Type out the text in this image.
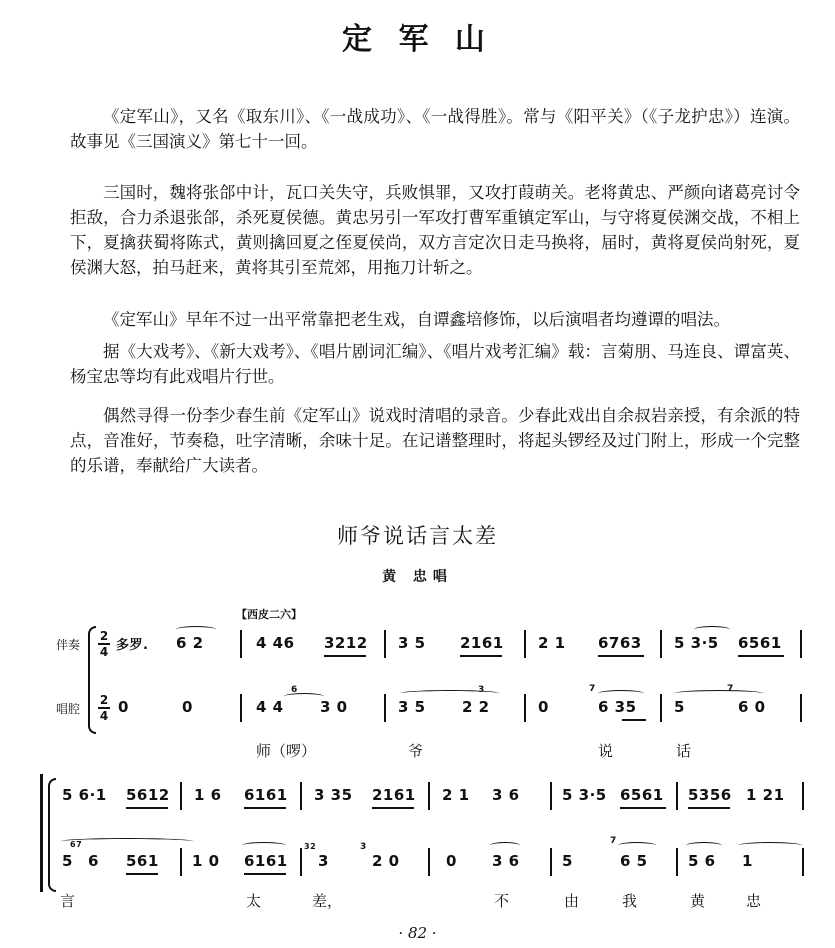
定 军 山

《定军山》，又名《取东川》、《一战成功》、《一战得胜》。常与《阳平关》（《子龙护忠》）连演。故事见《三国演义》第七十一回。

三国时，魏将张郃中计，瓦口关失守，兵败惧罪，又攻打葭萌关。老将黄忠、严颜向诸葛亮讨令拒敌，合力杀退张郃，杀死夏侯德。黄忠另引一军攻打曹军重镇定军山，与守将夏侯渊交战，不相上下，夏擒获蜀将陈式，黄则擒回夏之侄夏侯尚，双方言定次日走马换将，届时，黄将夏侯尚射死，夏侯渊大怒，拍马赶来，黄将其引至荒郊，用拖刀计斩之。

《定军山》早年不过一出平常靠把老生戏，自谭鑫培修饰，以后演唱者均遵谭的唱法。

据《大戏考》、《新大戏考》、《唱片剧词汇编》、《唱片戏考汇编》载：言菊朋、马连良、谭富英、杨宝忠等均有此戏唱片行世。

偶然寻得一份李少春生前《定军山》说戏时清唱的录音。少春此戏出自余叔岩亲授，有余派的特点，音准好，节奏稳，吐字清晰，余味十足。在记谱整理时，将起头锣经及过门附上，形成一个完整的乐谱，奉献给广大读者。

师爷说话言太差
黄 忠唱
【西皮二六】
伴奏
唱腔
2
4
2
4
多罗. 6 2	4 46 3212 3 5 2161 2 1 6763 5 3·5 6561
0	0	4 4
6
3 0	3 5
3
2 2	0
7
6 35 5
7
6 0
师（啰）	爷	说	话
5 6·1 5612 1 6 6161 3 35 2161 2 1 3 6	5 3·5 6561 5356 1 21
67
5 6 561 1 0 6161
32
3
3
2 0	0 3 6	5
7
6 5	5 6 1
言	太	差，	不	由	我	黄	忠
· 82 ·
